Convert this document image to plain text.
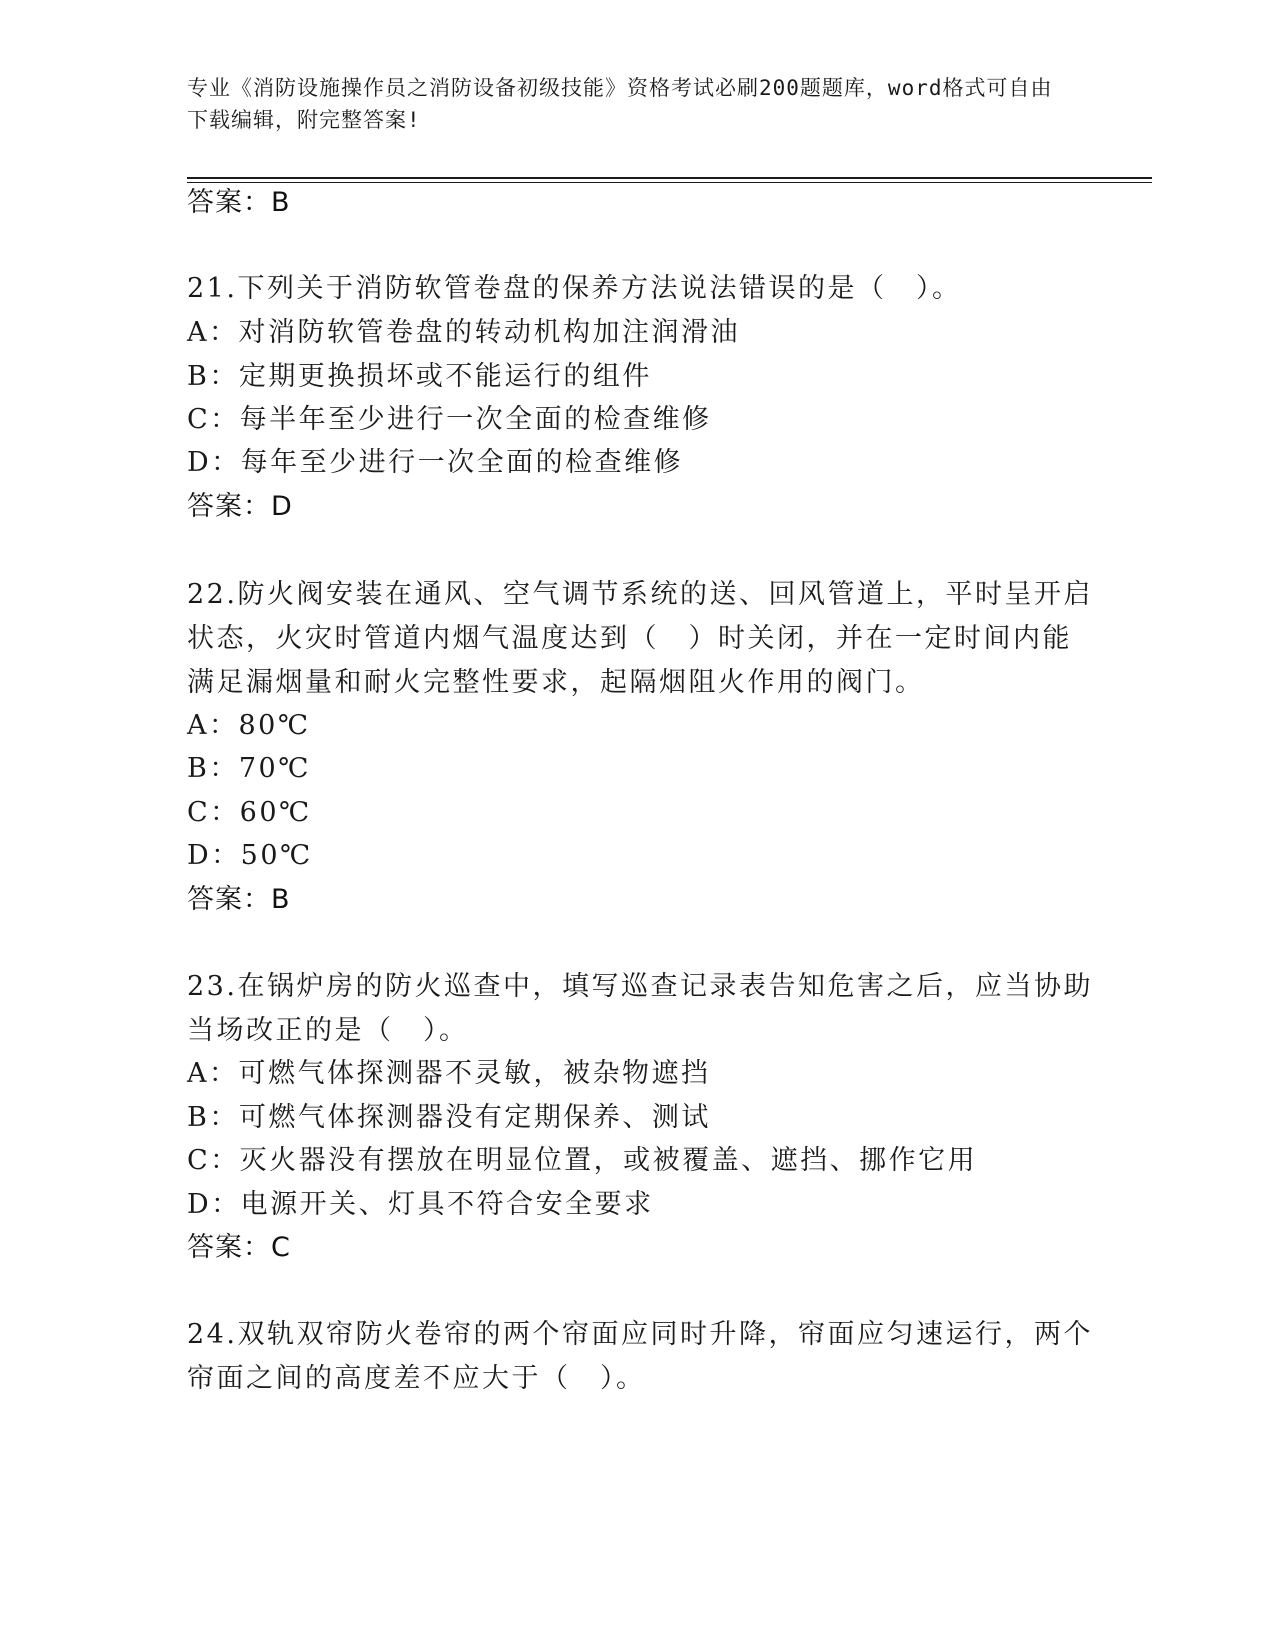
专业《消防设施操作员之消防设备初级技能》资格考试必刷200题题库，word格式可自由下载编辑，附完整答案!
答案：B
21.下列关于消防软管卷盘的保养方法说法错误的是（　）。
A：对消防软管卷盘的转动机构加注润滑油
B：定期更换损坏或不能运行的组件
C：每半年至少进行一次全面的检查维修
D：每年至少进行一次全面的检查维修
答案：D
22.防火阀安装在通风、空气调节系统的送、回风管道上，平时呈开启
状态，火灾时管道内烟气温度达到（　）时关闭，并在一定时间内能
满足漏烟量和耐火完整性要求，起隔烟阻火作用的阀门。
A：80℃
B：70℃
C：60℃
D：50℃
答案：B
23.在锅炉房的防火巡查中，填写巡查记录表告知危害之后，应当协助
当场改正的是（　）。
A：可燃气体探测器不灵敏，被杂物遮挡
B：可燃气体探测器没有定期保养、测试
C：灭火器没有摆放在明显位置，或被覆盖、遮挡、挪作它用
D：电源开关、灯具不符合安全要求
答案：C
24.双轨双帘防火卷帘的两个帘面应同时升降，帘面应匀速运行，两个
帘面之间的高度差不应大于（　）。
